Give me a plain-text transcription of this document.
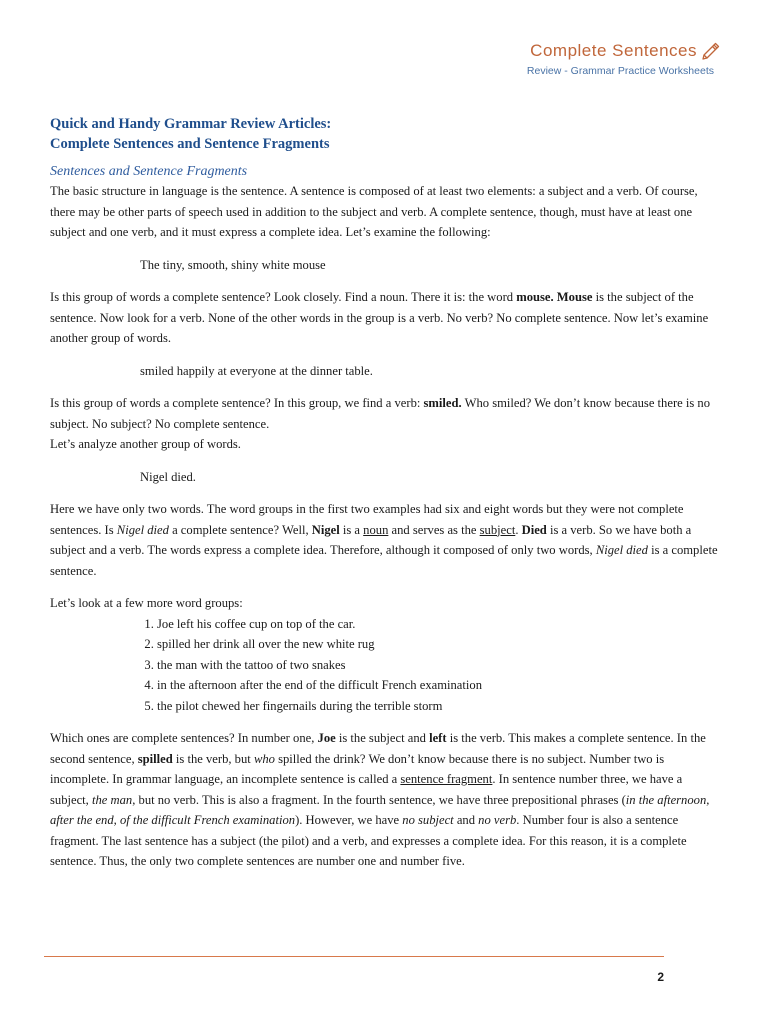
Complete Sentences
Review - Grammar Practice Worksheets
Quick and Handy Grammar Review Articles:
Complete Sentences and Sentence Fragments
Sentences and Sentence Fragments

The basic structure in language is the sentence. A sentence is composed of at least two elements: a subject and a verb. Of course, there may be other parts of speech used in addition to the subject and verb. A complete sentence, though, must have at least one subject and one verb, and it must express a complete idea. Let’s examine the following:

The tiny, smooth, shiny white mouse

Is this group of words a complete sentence? Look closely. Find a noun. There it is: the word mouse. Mouse is the subject of the sentence. Now look for a verb. None of the other words in the group is a verb. No verb? No complete sentence. Now let’s examine another group of words.

smiled happily at everyone at the dinner table.

Is this group of words a complete sentence? In this group, we find a verb: smiled. Who smiled? We don’t know because there is no subject. No subject? No complete sentence.
Let’s analyze another group of words.

Nigel died.

Here we have only two words. The word groups in the first two examples had six and eight words but they were not complete sentences. Is Nigel died a complete sentence? Well, Nigel is a noun and serves as the subject. Died is a verb. So we have both a subject and a verb. The words express a complete idea. Therefore, although it composed of only two words, Nigel died is a complete sentence.

Let’s look at a few more word groups:

1. Joe left his coffee cup on top of the car.
2. spilled her drink all over the new white rug
3. the man with the tattoo of two snakes
4. in the afternoon after the end of the difficult French examination
5. the pilot chewed her fingernails during the terrible storm

Which ones are complete sentences? In number one, Joe is the subject and left is the verb. This makes a complete sentence. In the second sentence, spilled is the verb, but who spilled the drink? We don’t know because there is no subject. Number two is incomplete. In grammar language, an incomplete sentence is called a sentence fragment. In sentence number three, we have a subject, the man, but no verb. This is also a fragment. In the fourth sentence, we have three prepositional phrases (in the afternoon, after the end, of the difficult French examination). However, we have no subject and no verb. Number four is also a sentence fragment. The last sentence has a subject (the pilot) and a verb, and expresses a complete idea. For this reason, it is a complete sentence. Thus, the only two complete sentences are number one and number five.

2
